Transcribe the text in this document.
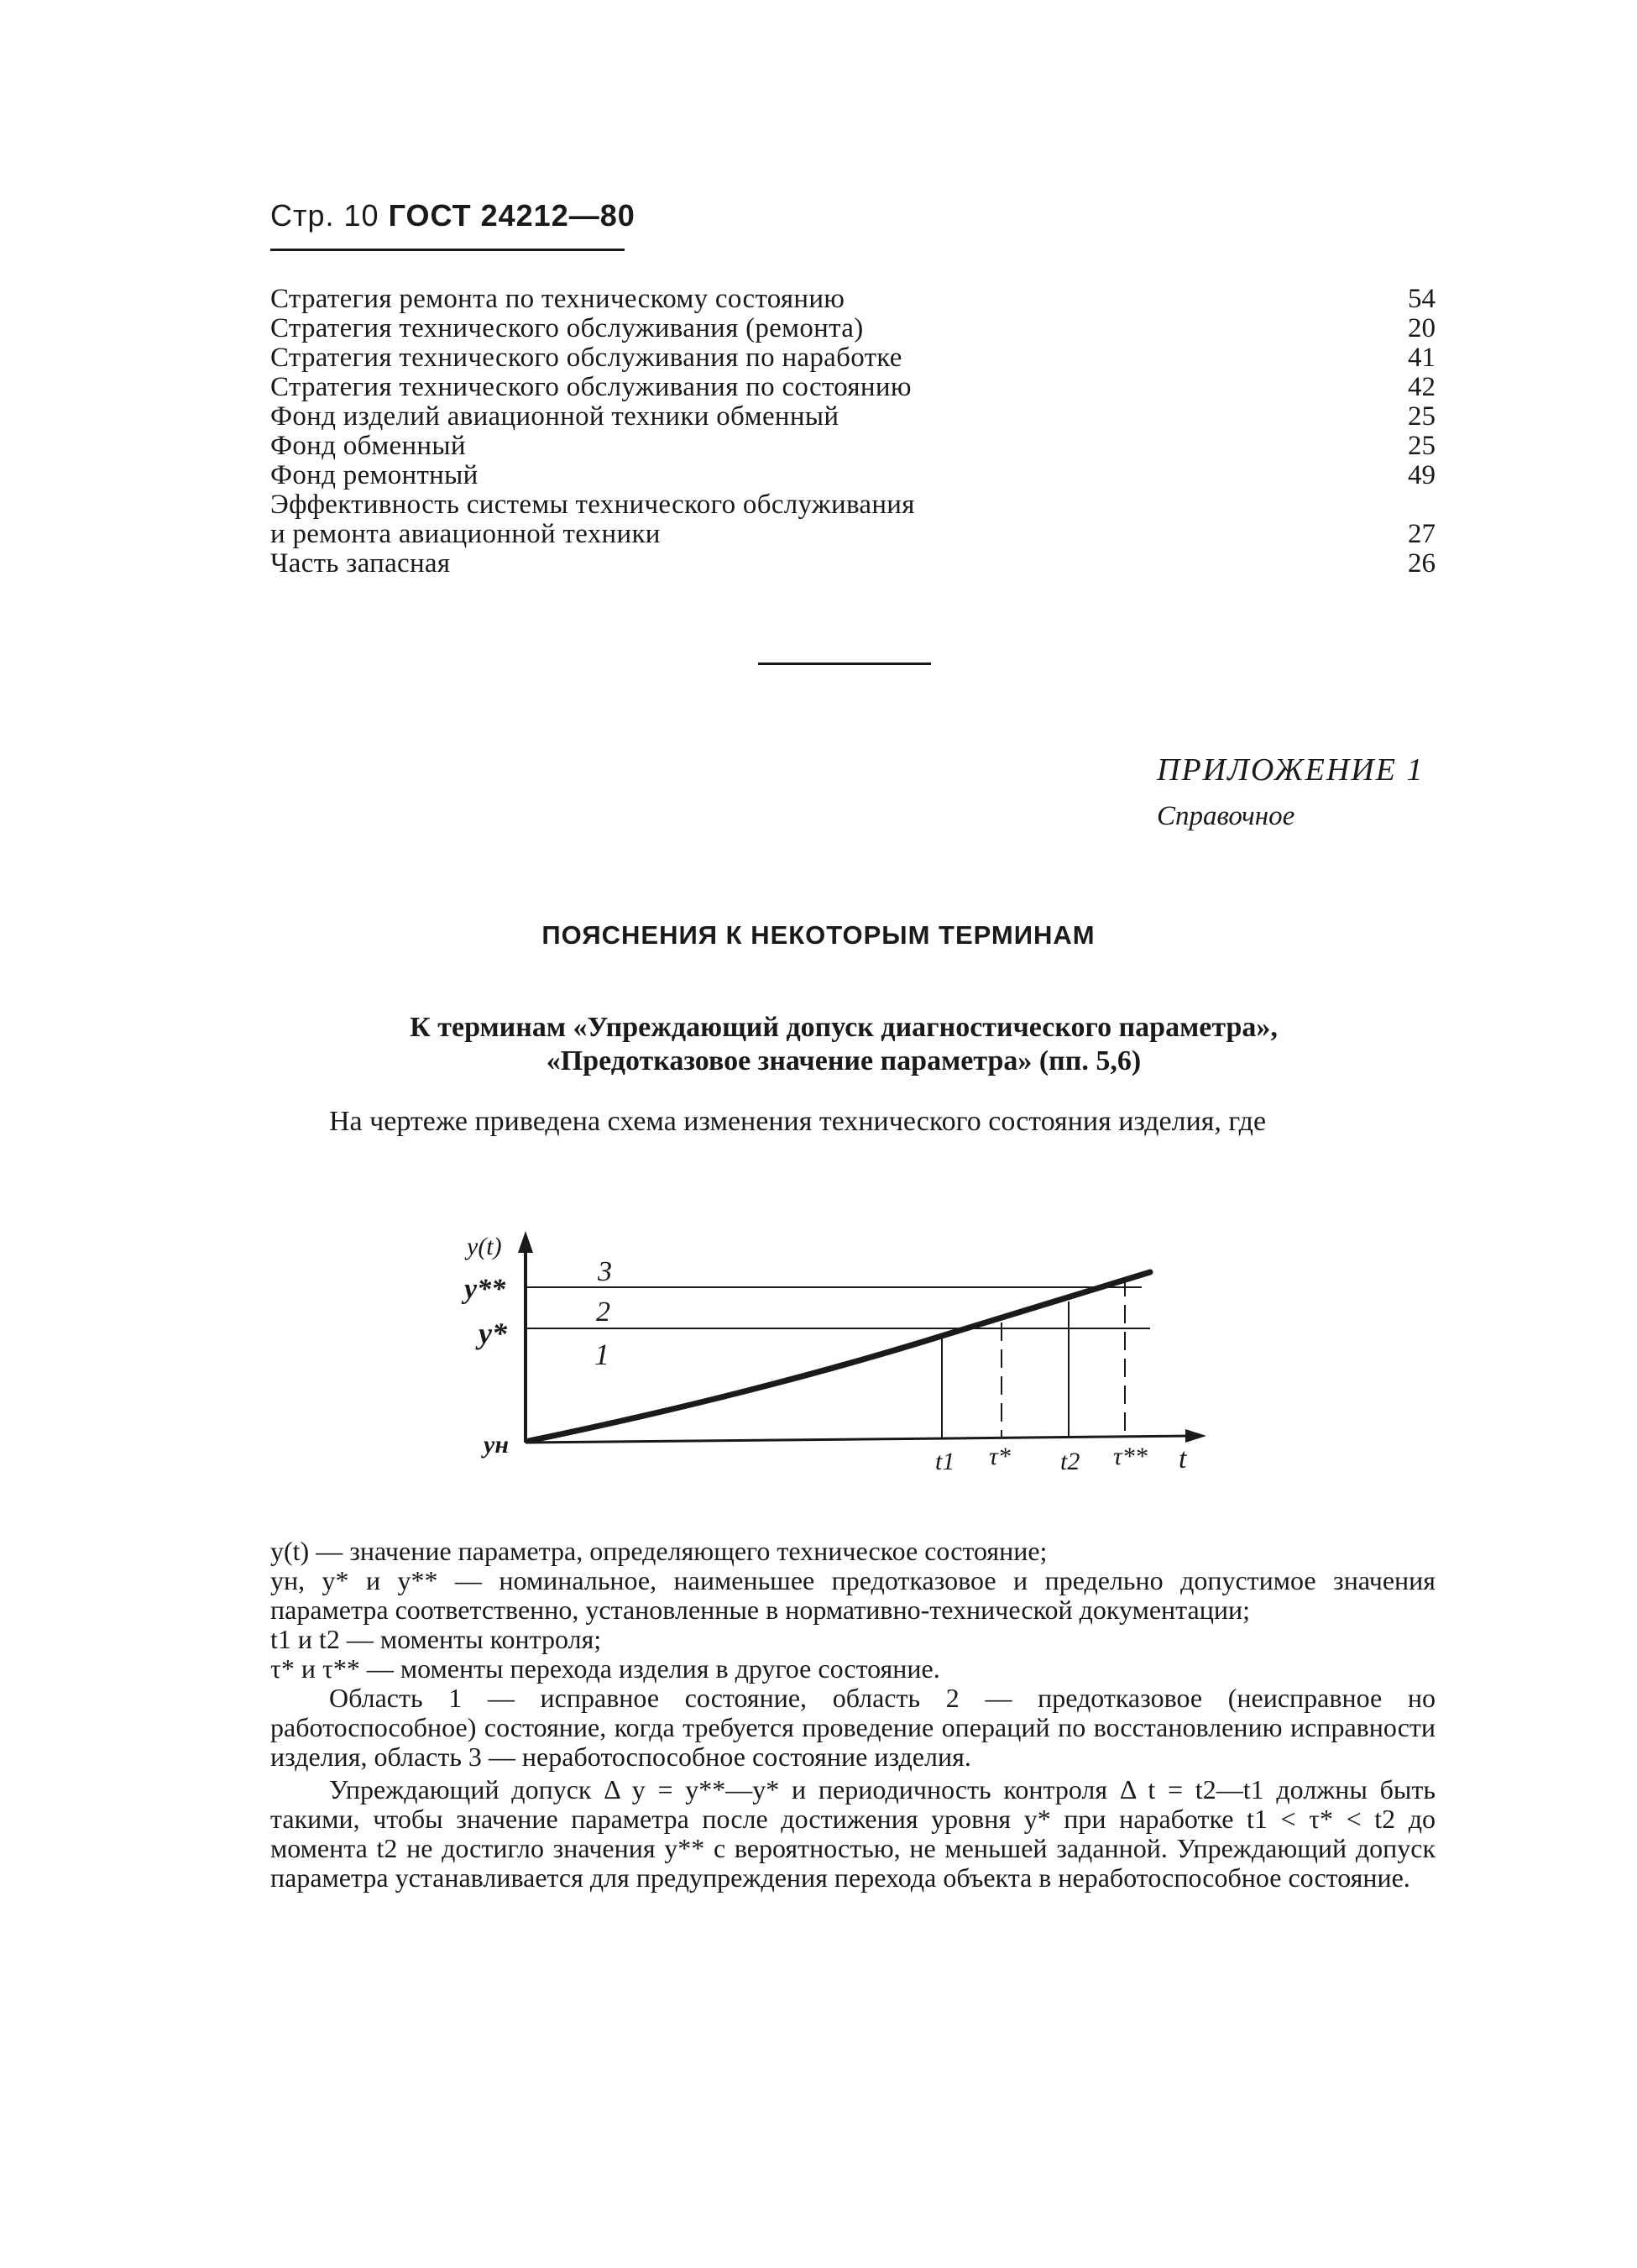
Стр. 10 ГОСТ 24212—80
Стратегия ремонта по техническому состоянию	54
Стратегия технического обслуживания (ремонта)	20
Стратегия технического обслуживания по наработке	41
Стратегия технического обслуживания по состоянию	42
Фонд изделий авиационной техники обменный	25
Фонд обменный	25
Фонд ремонтный	49
Эффективность системы технического обслуживания
и ремонта авиационной техники	27
Часть запасная	26
ПРИЛОЖЕНИЕ 1
Справочное
ПОЯСНЕНИЯ К НЕКОТОРЫМ ТЕРМИНАМ
К терминам «Упреждающий допуск диагностического параметра»,
«Предотказовое значение параметра» (пп. 5,6)
На чертеже приведена схема изменения технического состояния изделия, где
y(t)
y**
y*
yн
3
2
1
t1 τ* t2 τ** t

y(t) — значение параметра, определяющего техническое состояние;

yн, y* и y** — номинальное, наименьшее предотказовое и предельно допустимое значения параметра соответственно, установленные в нормативно-технической документации;

t1 и t2 — моменты контроля;

τ* и τ** — моменты перехода изделия в другое состояние.

Область 1 — исправное состояние, область 2 — предотказовое (неисправное но работоспособное) состояние, когда требуется проведение операций по восстановлению исправности изделия, область 3 — неработоспособное состояние изделия.

Упреждающий допуск Δ y = y**—y* и периодичность контроля Δ t = t2—t1 должны быть такими, чтобы значение параметра после достижения уровня y* при наработке t1 < τ* < t2 до момента t2 не достигло значения y** с вероятностью, не меньшей заданной. Упреждающий допуск параметра устанавливается для предупреждения перехода объекта в неработоспособное состояние.
